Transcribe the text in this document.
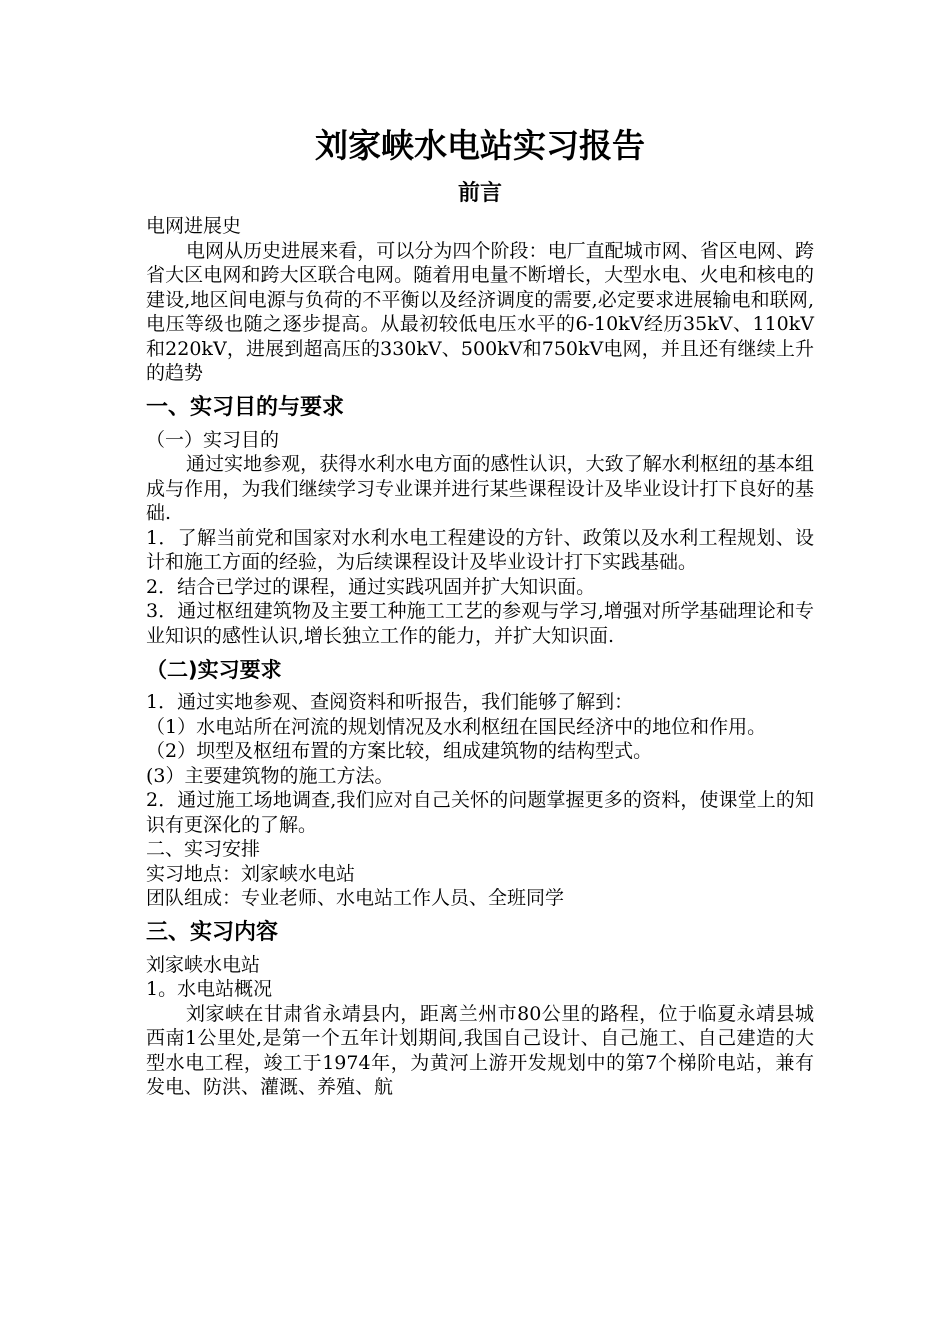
刘家峡水电站实习报告
前言

电网进展史

电网从历史进展来看，可以分为四个阶段：电厂直配城市网、省区电网、跨省大区电网和跨大区联合电网。随着用电量不断增长，大型水电、火电和核电的建设,地区间电源与负荷的不平衡以及经济调度的需要,必定要求进展输电和联网,电压等级也随之逐步提高。从最初较低电压水平的6-10kV经历35kV、110kV和220kV，进展到超高压的330kV、500kV和750kV电网，并且还有继续上升的趋势

一、实习目的与要求

（一）实习目的

通过实地参观，获得水利水电方面的感性认识，大致了解水利枢纽的基本组成与作用，为我们继续学习专业课并进行某些课程设计及毕业设计打下良好的基础.

1．了解当前党和国家对水利水电工程建设的方针、政策以及水利工程规划、设计和施工方面的经验，为后续课程设计及毕业设计打下实践基础。

2．结合已学过的课程，通过实践巩固并扩大知识面。

3．通过枢纽建筑物及主要工种施工工艺的参观与学习,增强对所学基础理论和专业知识的感性认识,增长独立工作的能力，并扩大知识面.

（二)实习要求

1．通过实地参观、查阅资料和听报告，我们能够了解到：

（1）水电站所在河流的规划情况及水利枢纽在国民经济中的地位和作用。

（2）坝型及枢纽布置的方案比较，组成建筑物的结构型式。

(3）主要建筑物的施工方法。

2．通过施工场地调查,我们应对自己关怀的问题掌握更多的资料，使课堂上的知识有更深化的了解。

二、实习安排

实习地点：刘家峡水电站

团队组成：专业老师、水电站工作人员、全班同学

三、实习内容

刘家峡水电站

1。水电站概况

刘家峡在甘肃省永靖县内，距离兰州市80公里的路程，位于临夏永靖县城西南1公里处,是第一个五年计划期间,我国自己设计、自己施工、自己建造的大型水电工程，竣工于1974年，为黄河上游开发规划中的第7个梯阶电站，兼有发电、防洪、灌溉、养殖、航
